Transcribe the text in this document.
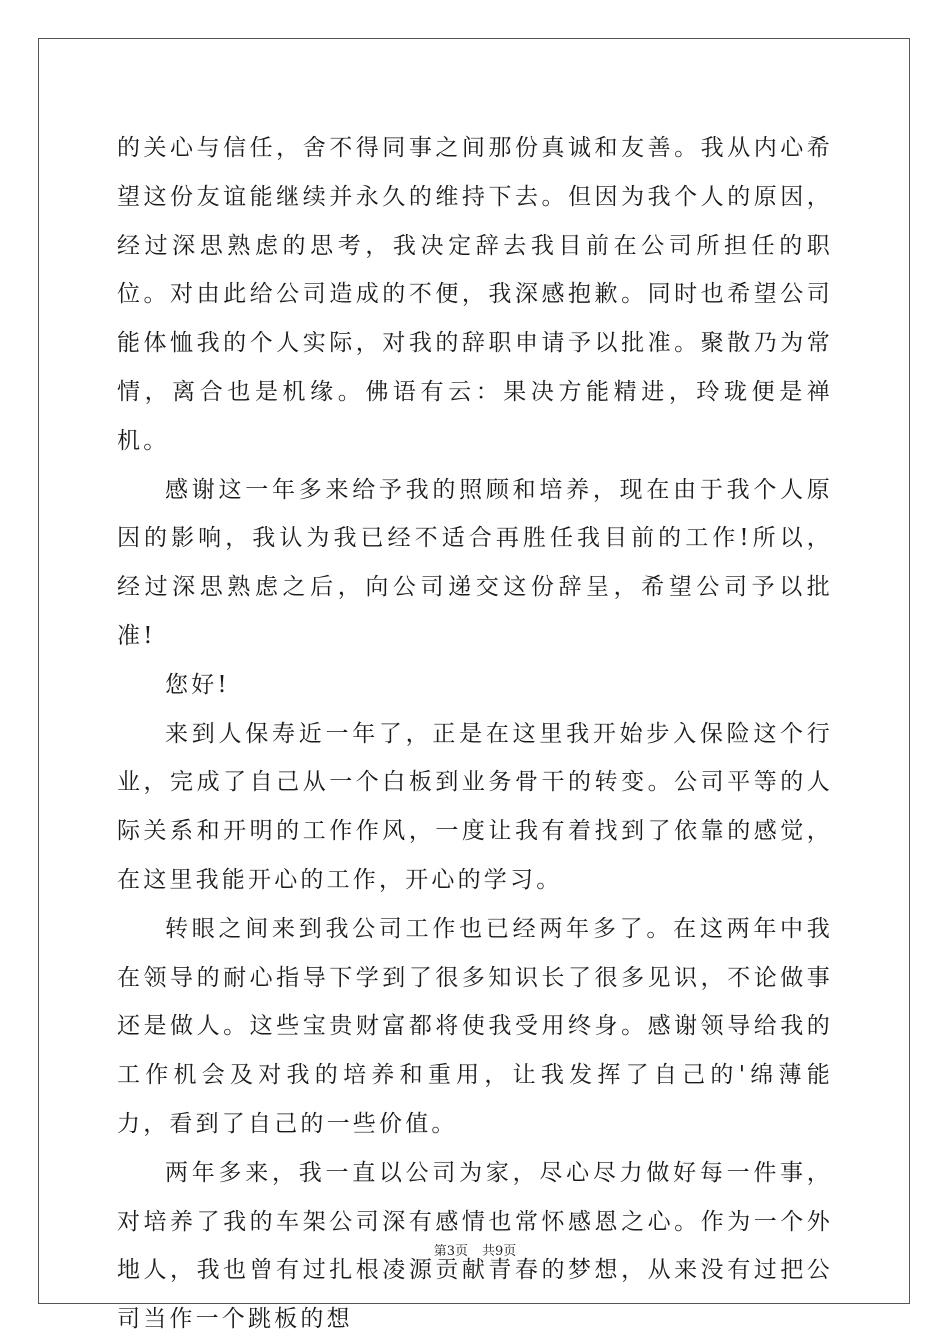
的关心与信任，舍不得同事之间那份真诚和友善。我从内心希望这份友谊能继续并永久的维持下去。但因为我个人的原因，经过深思熟虑的思考，我决定辞去我目前在公司所担任的职位。对由此给公司造成的不便，我深感抱歉。同时也希望公司能体恤我的个人实际，对我的辞职申请予以批准。聚散乃为常情，离合也是机缘。佛语有云：果决方能精进，玲珑便是禅机。

感谢这一年多来给予我的照顾和培养，现在由于我个人原因的影响，我认为我已经不适合再胜任我目前的工作!所以，经过深思熟虑之后，向公司递交这份辞呈，希望公司予以批准!

您好!

来到人保寿近一年了，正是在这里我开始步入保险这个行业，完成了自己从一个白板到业务骨干的转变。公司平等的人际关系和开明的工作作风，一度让我有着找到了依靠的感觉，在这里我能开心的工作，开心的学习。

转眼之间来到我公司工作也已经两年多了。在这两年中我在领导的耐心指导下学到了很多知识长了很多见识，不论做事还是做人。这些宝贵财富都将使我受用终身。感谢领导给我的工作机会及对我的培养和重用，让我发挥了自己的'绵薄能力，看到了自己的一些价值。

两年多来，我一直以公司为家，尽心尽力做好每一件事，对培养了我的车架公司深有感情也常怀感恩之心。作为一个外地人，我也曾有过扎根凌源贡献青春的梦想，从来没有过把公司当作一个跳板的想

第3页 共9页
